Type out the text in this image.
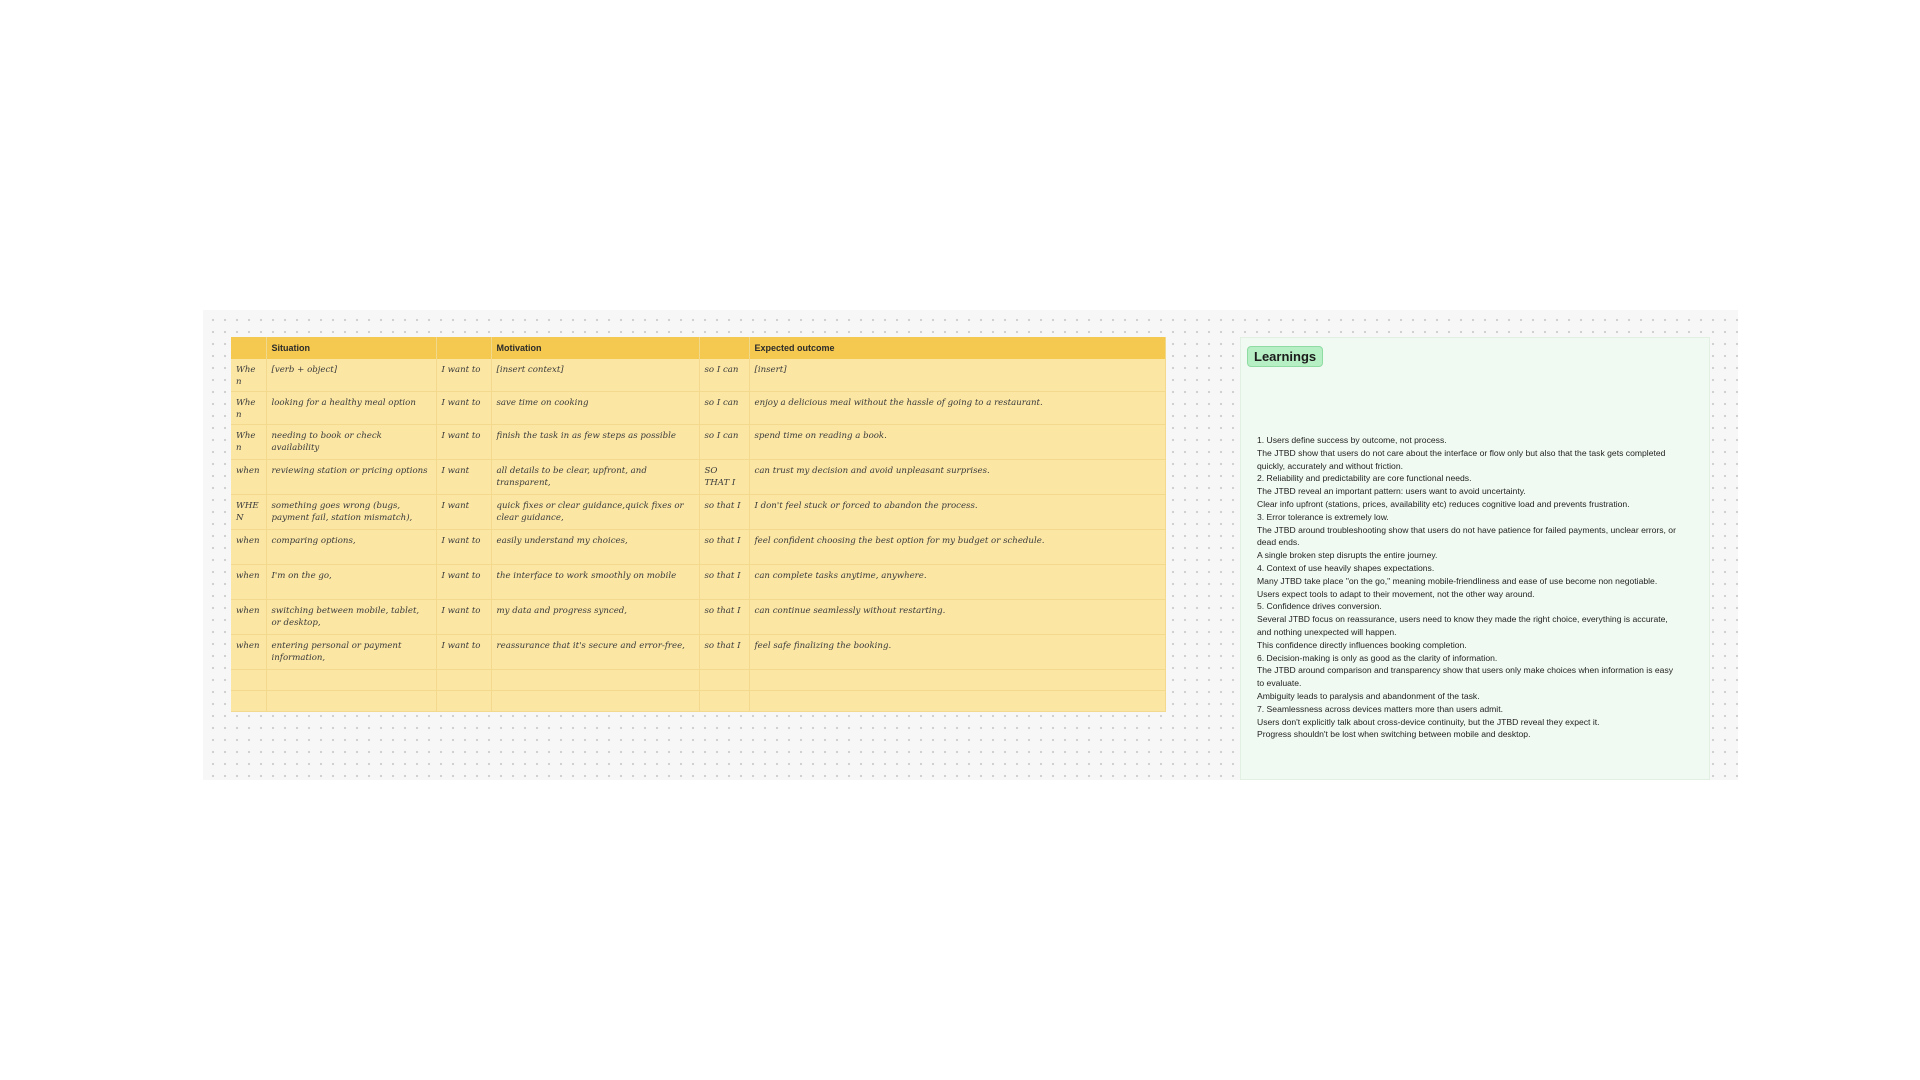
	Situation		Motivation		Expected outcome
When	[verb + object]	I want to	[insert context]	so I can	[insert]
When	looking for a healthy meal option	I want to	save time on cooking	so I can	enjoy a delicious meal without the hassle of going to a restaurant.
When	needing to book or check availability	I want to	finish the task in as few steps as possible	so I can	spend time on reading a book.
when	reviewing station or pricing options	I want	all details to be clear, upfront, and transparent,	SO THAT I	can trust my decision and avoid unpleasant surprises.
WHEN	something goes wrong (bugs, payment fail, station mismatch),	I want	quick fixes or clear guidance,quick fixes or clear guidance,	so that I	I don't feel stuck or forced to abandon the process.
when	comparing options,	I want to	easily understand my choices,	so that I	feel confident choosing the best option for my budget or schedule.
when	I'm on the go,	I want to	the interface to work smoothly on mobile	so that I	can complete tasks anytime, anywhere.
when	switching between mobile, tablet, or desktop,	I want to	my data and progress synced,	so that I	can continue seamlessly without restarting.
when	entering personal or payment information,	I want to	reassurance that it's secure and error-free,	so that I	feel safe finalizing the booking.

Learnings
1. Users define success by outcome, not process.
The JTBD show that users do not care about the interface or flow only but also that the task gets completed quickly, accurately and without friction.
2. Reliability and predictability are core functional needs.
The JTBD reveal an important pattern: users want to avoid uncertainty.
Clear info upfront (stations, prices, availability etc) reduces cognitive load and prevents frustration.
3. Error tolerance is extremely low.
The JTBD around troubleshooting show that users do not have patience for failed payments, unclear errors, or dead ends.
A single broken step disrupts the entire journey.
4. Context of use heavily shapes expectations.
Many JTBD take place "on the go," meaning mobile-friendliness and ease of use become non negotiable.
Users expect tools to adapt to their movement, not the other way around.
5. Confidence drives conversion.
Several JTBD focus on reassurance, users need to know they made the right choice, everything is accurate, and nothing unexpected will happen.
This confidence directly influences booking completion.
6. Decision-making is only as good as the clarity of information.
The JTBD around comparison and transparency show that users only make choices when information is easy to evaluate.
Ambiguity leads to paralysis and abandonment of the task.
7. Seamlessness across devices matters more than users admit.
Users don't explicitly talk about cross-device continuity, but the JTBD reveal they expect it.
Progress shouldn't be lost when switching between mobile and desktop.
